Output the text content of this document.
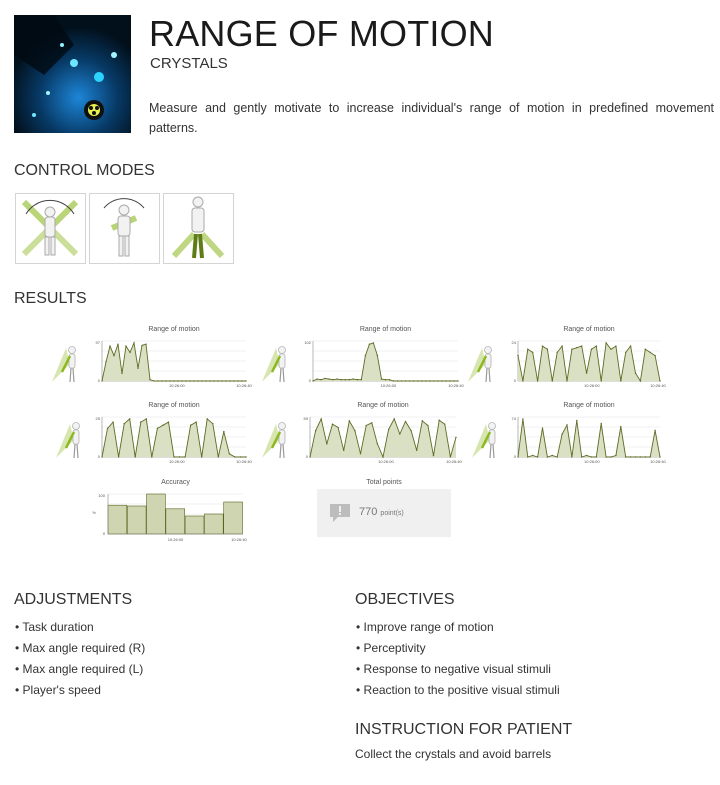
RANGE OF MOTION
CRYSTALS

Measure and gently motivate to increase individual's range of motion in predefined movement patterns.

CONTROL MODES
RESULTS
Range of motion
97
0
10:26:00	10:26:40
Range of motion
102
0
10:26:00	10:26:40
Range of motion
24
0
10:26:00	10:26:40
Range of motion
25
0
10:26:00	10:26:40
Range of motion
59
0
10:26:00	10:26:40
Range of motion
74
0
10:26:00	10:26:40
Accuracy
100
0
%
10:26:00	10:26:40
Total points
770 point(s)
ADJUSTMENTS
• Task duration
• Max angle required (R)
• Max angle required (L)
• Player's speed
OBJECTIVES
• Improve range of motion
• Perceptivity
• Response to negative visual stimuli
• Reaction to the positive visual stimuli
INSTRUCTION FOR PATIENT
Collect the crystals and avoid barrels
